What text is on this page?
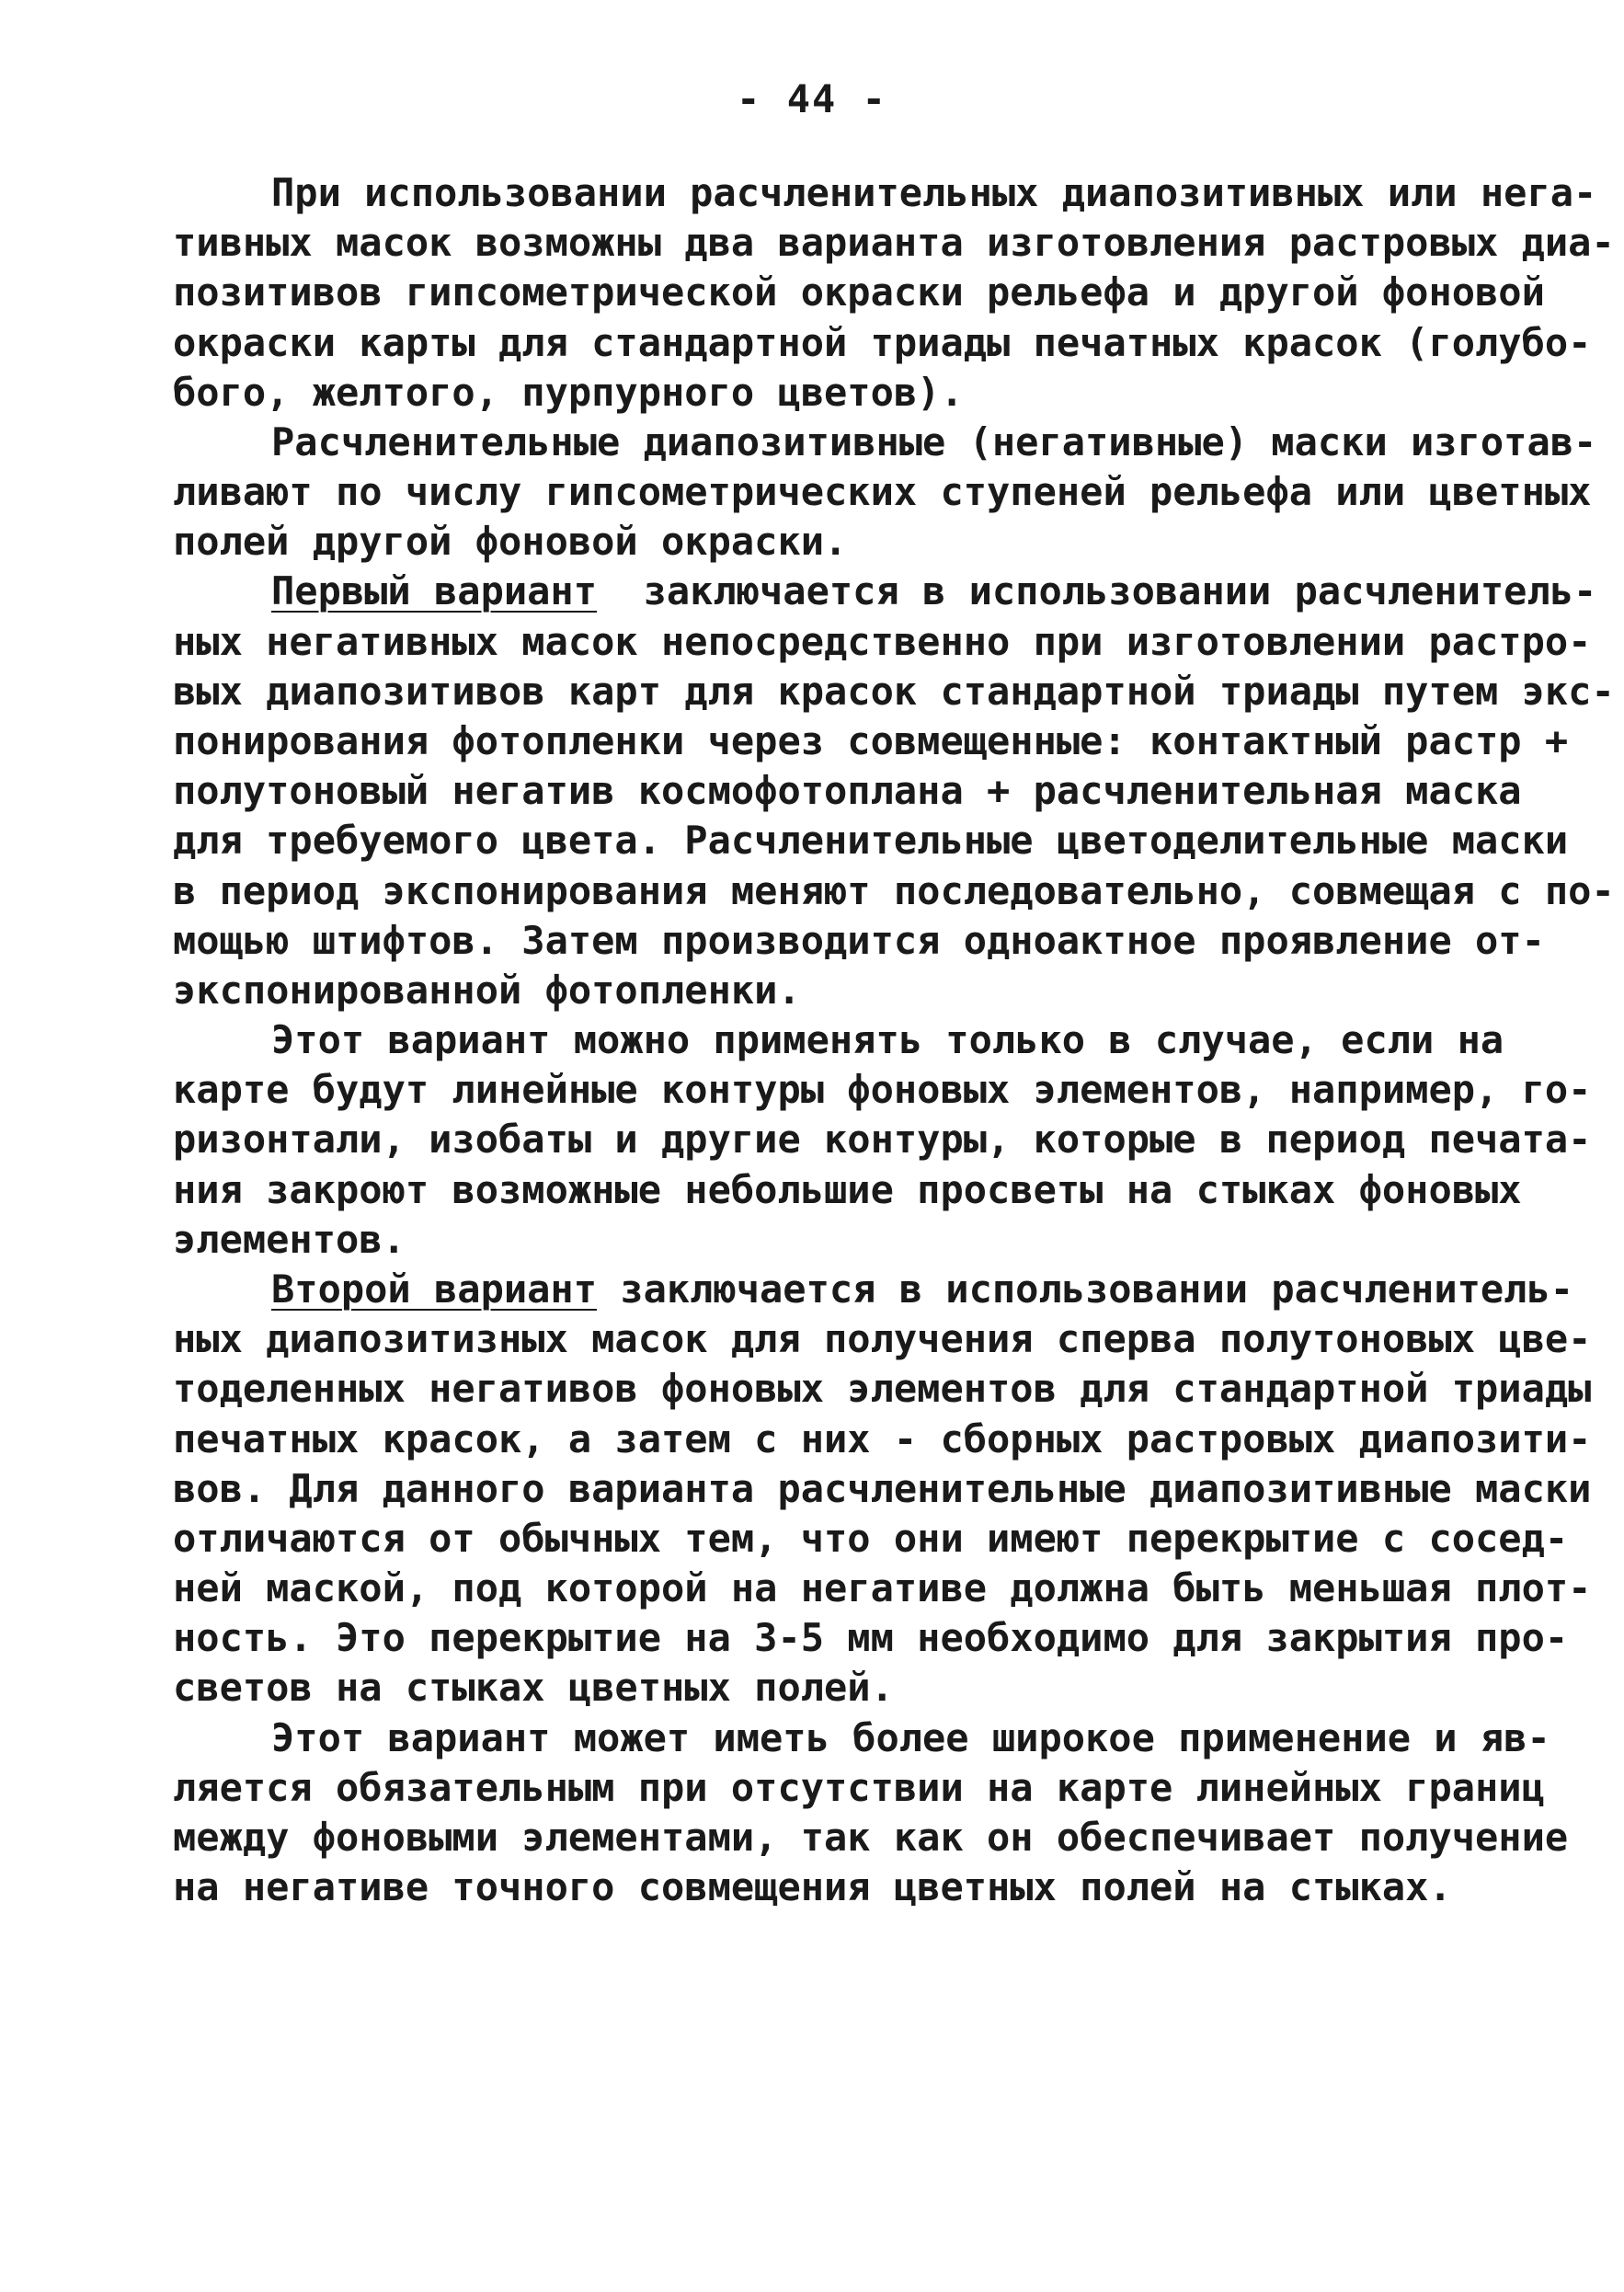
- 44 -
При использовании расчленительных диапозитивных или нега-
тивных масок возможны два варианта изготовления растровых диа-
позитивов гипсометрической окраски рельефа и другой фоновой
окраски карты для стандартной триады печатных красок (голубо-
бого, желтого, пурпурного цветов).
Расчленительные диапозитивные (негативные) маски изготав-
ливают по числу гипсометрических ступеней рельефа или цветных
полей другой фоновой окраски.
Первый вариант  заключается в использовании расчленитель-
ных негативных масок непосредственно при изготовлении растро-
вых диапозитивов карт для красок стандартной триады путем экс-
понирования фотопленки через совмещенные: контактный растр +
полутоновый негатив космофотоплана + расчленительная маска
для требуемого цвета. Расчленительные цветоделительные маски
в период экспонирования меняют последовательно, совмещая с по-
мощью штифтов. Затем производится одноактное проявление от-
экспонированной фотопленки.
Этот вариант можно применять только в случае, если на
карте будут линейные контуры фоновых элементов, например, го-
ризонтали, изобаты и другие контуры, которые в период печата-
ния закроют возможные небольшие просветы на стыках фоновых
элементов.
Второй вариант заключается в использовании расчленитель-
ных диапозитизных масок для получения сперва полутоновых цве-
тоделенных негативов фоновых элементов для стандартной триады
печатных красок, а затем с них - сборных растровых диапозити-
вов. Для данного варианта расчленительные диапозитивные маски
отличаются от обычных тем, что они имеют перекрытие с сосед-
ней маской, под которой на негативе должна быть меньшая плот-
ность. Это перекрытие на 3-5 мм необходимо для закрытия про-
светов на стыках цветных полей.
Этот вариант может иметь более широкое применение и яв-
ляется обязательным при отсутствии на карте линейных границ
между фоновыми элементами, так как он обеспечивает получение
на негативе точного совмещения цветных полей на стыках.
